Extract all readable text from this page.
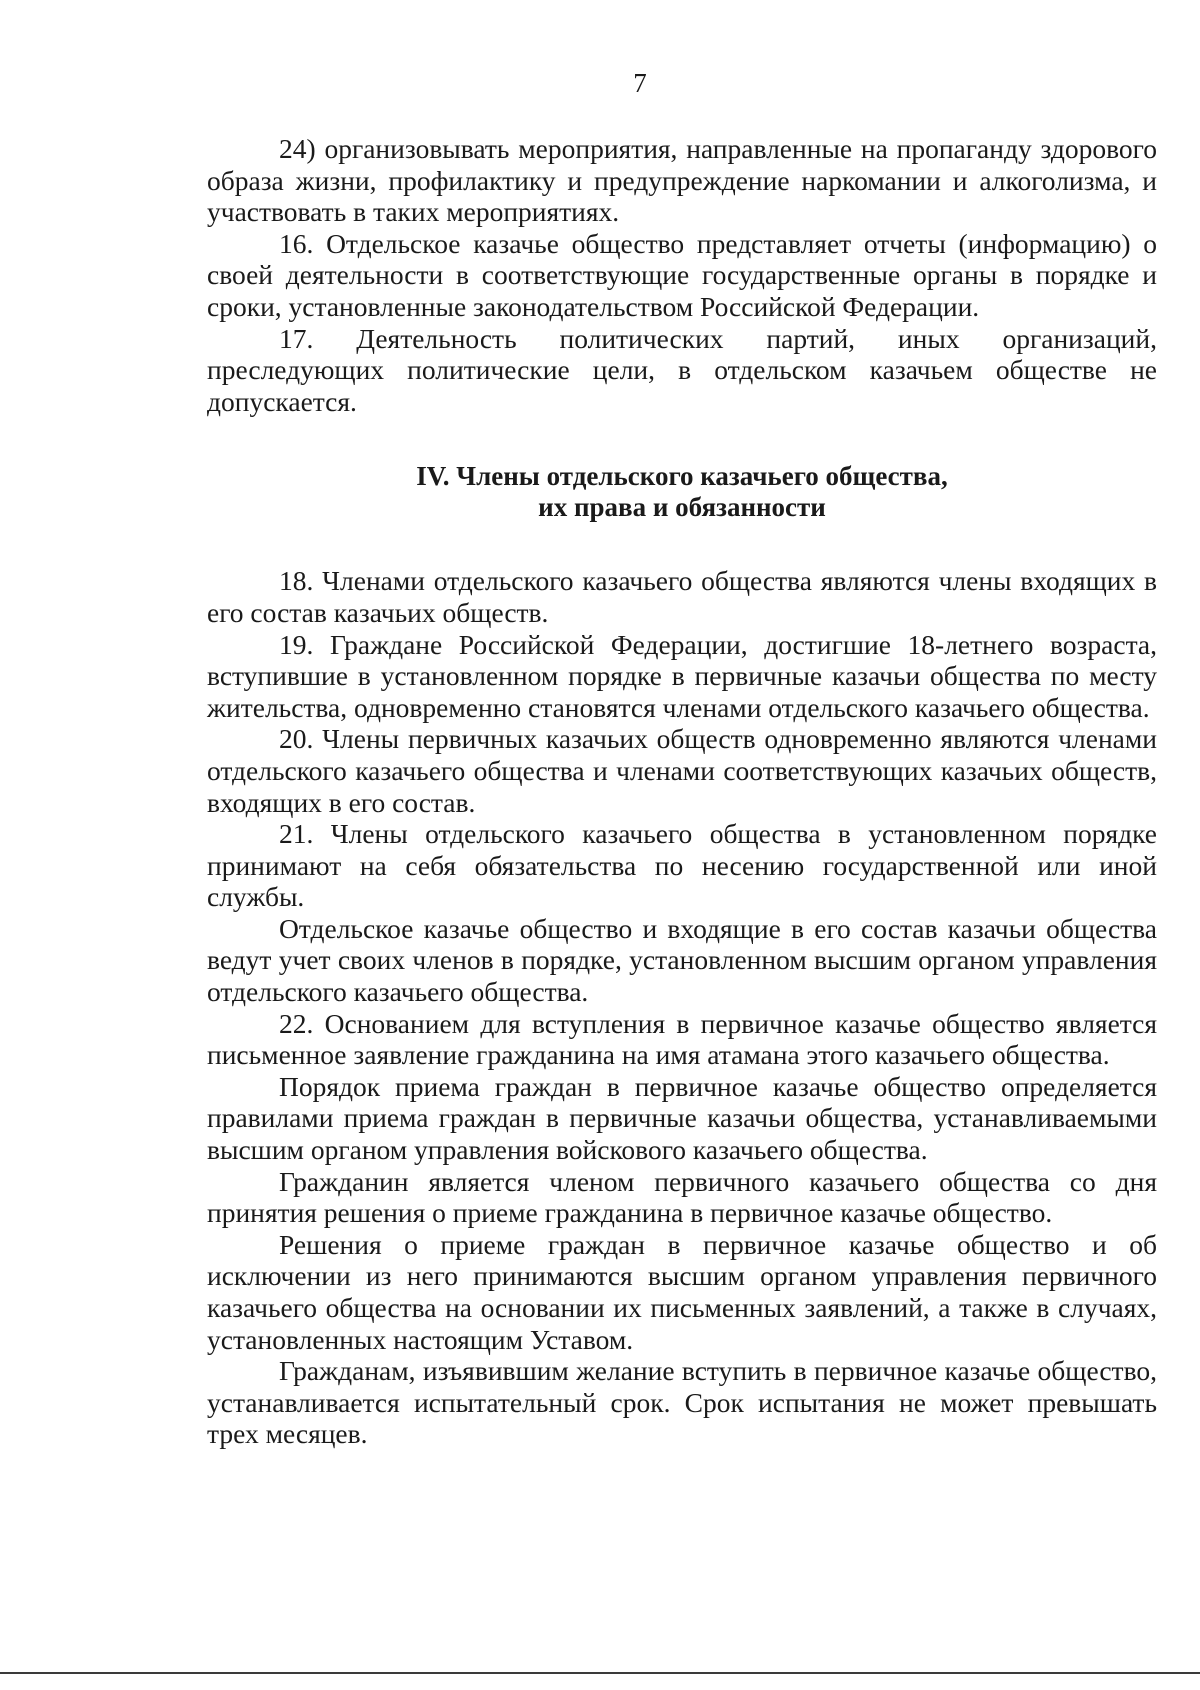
7

24) организовывать мероприятия, направленные на пропаганду здорового образа жизни, профилактику и предупреждение наркомании и алкоголизма, и участвовать в таких мероприятиях.

16. Отдельское казачье общество представляет отчеты (информацию) о своей деятельности в соответствующие государственные органы в порядке и сроки, установленные законодательством Российской Федерации.

17. Деятельность политических партий, иных организаций, преследующих политические цели, в отдельском казачьем обществе не допускается.

IV. Члены отдельского казачьего общества,
их права и обязанности

18. Членами отдельского казачьего общества являются члены входящих в его состав казачьих обществ.

19. Граждане Российской Федерации, достигшие 18-летнего возраста, вступившие в установленном порядке в первичные казачьи общества по месту жительства, одновременно становятся членами отдельского казачьего общества.

20. Члены первичных казачьих обществ одновременно являются членами отдельского казачьего общества и членами соответствующих казачьих обществ, входящих в его состав.

21. Члены отдельского казачьего общества в установленном порядке принимают на себя обязательства по несению государственной или иной службы.

Отдельское казачье общество и входящие в его состав казачьи общества ведут учет своих членов в порядке, установленном высшим органом управления отдельского казачьего общества.

22. Основанием для вступления в первичное казачье общество является письменное заявление гражданина на имя атамана этого казачьего общества.

Порядок приема граждан в первичное казачье общество определяется правилами приема граждан в первичные казачьи общества, устанавливаемыми высшим органом управления войскового казачьего общества.

Гражданин является членом первичного казачьего общества со дня принятия решения о приеме гражданина в первичное казачье общество.

Решения о приеме граждан в первичное казачье общество и об исключении из него принимаются высшим органом управления первичного казачьего общества на основании их письменных заявлений, а также в случаях, установленных настоящим Уставом.

Гражданам, изъявившим желание вступить в первичное казачье общество, устанавливается испытательный срок. Срок испытания не может превышать трех месяцев.
